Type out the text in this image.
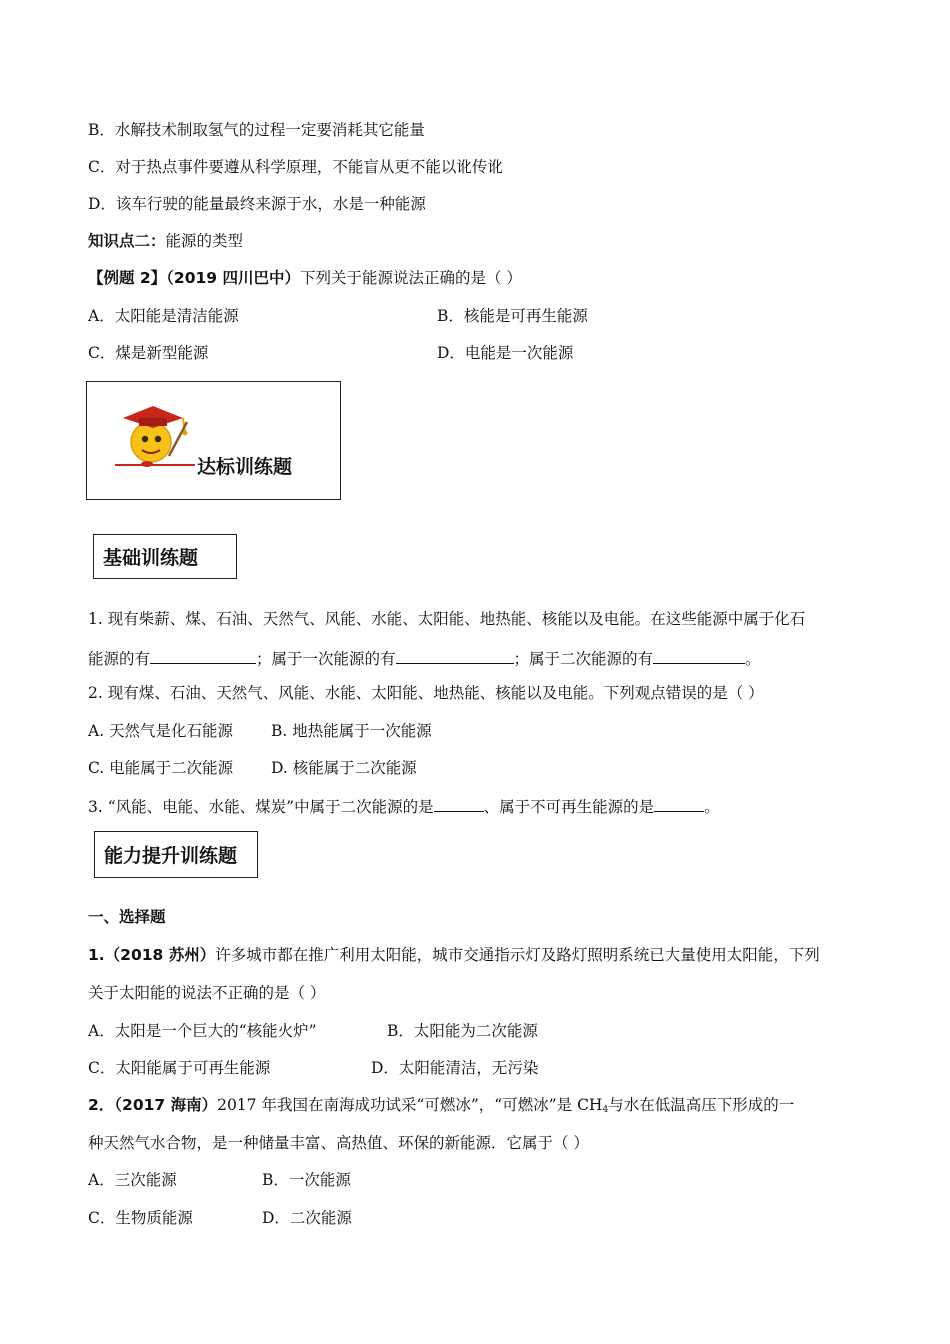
B．水解技术制取氢气的过程一定要消耗其它能量
C．对于热点事件要遵从科学原理，不能盲从更不能以讹传讹
D．该车行驶的能量最终来源于水，水是一种能源
知识点二：能源的类型
【例题 2】（2019 四川巴中）下列关于能源说法正确的是（ ）
A．太阳能是清洁能源	B．核能是可再生能源
C．煤是新型能源	D．电能是一次能源
达标训练题
基础训练题
1. 现有柴薪、煤、石油、天然气、风能、水能、太阳能、地热能、核能以及电能。在这些能源中属于化石
能源的有	；属于一次能源的有	；属于二次能源的有	。
2. 现有煤、石油、天然气、风能、水能、太阳能、地热能、核能以及电能。下列观点错误的是（ ）
A. 天然气是化石能源 B. 地热能属于一次能源
C. 电能属于二次能源 D. 核能属于二次能源
3. “风能、电能、水能、煤炭”中属于二次能源的是	、属于不可再生能源的是	。
能力提升训练题
一、选择题
1.（2018 苏州）许多城市都在推广利用太阳能，城市交通指示灯及路灯照明系统已大量使用太阳能，下列
关于太阳能的说法不正确的是（ ）
A．太阳是一个巨大的“核能火炉”	B．太阳能为二次能源
C．太阳能属于可再生能源	D．太阳能清洁，无污染
2．（2017 海南）2017 年我国在南海成功试采“可燃冰”，“可燃冰”是 $CH_4$与水在低温高压下形成的一
种天然气水合物，是一种储量丰富、高热值、环保的新能源．它属于（ ）
A．三次能源	B．一次能源
C．生物质能源	D．二次能源
